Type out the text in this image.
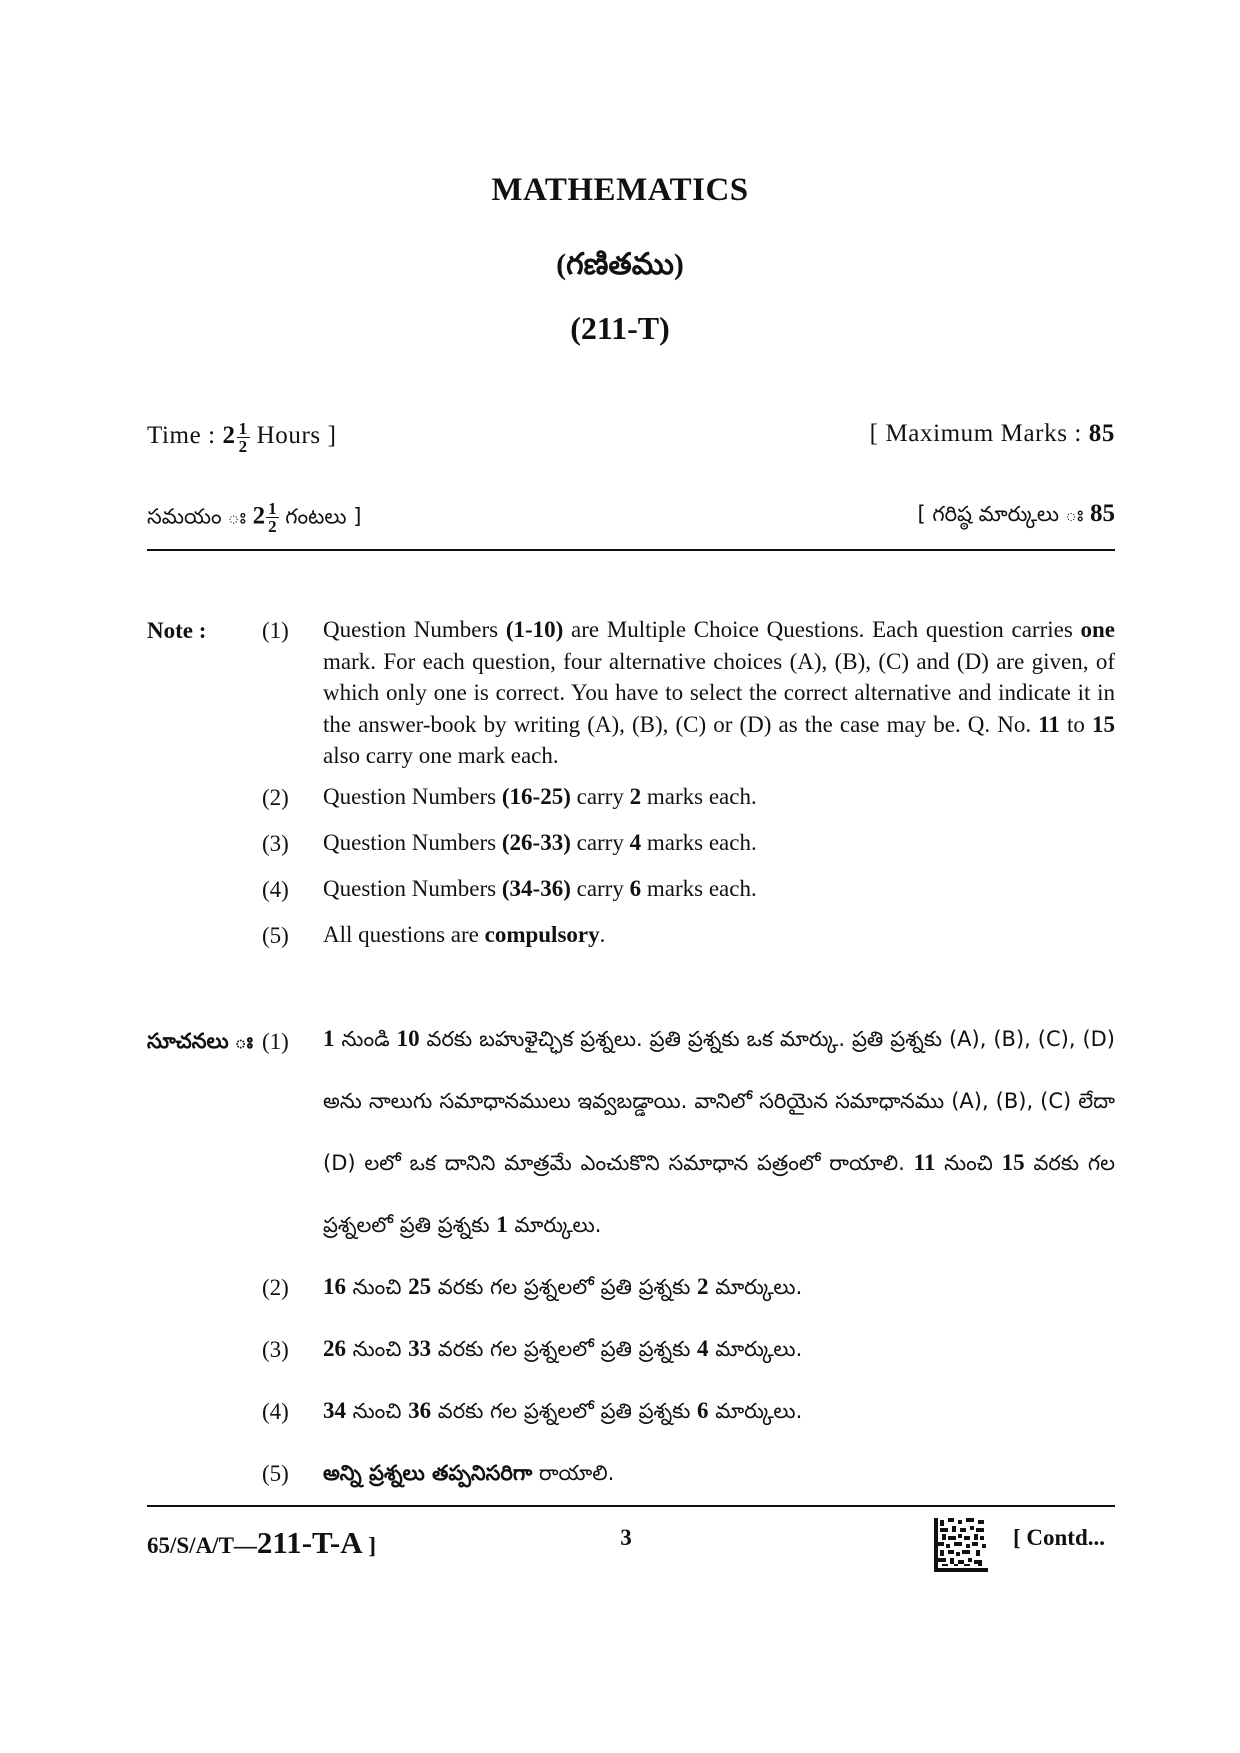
MATHEMATICS
(గణితము)
(211-T)
Time : $2 \frac{1}{2}$ Hours ]	[ Maximum Marks : 85
సమయం ః $2 \frac{1}{2}$ గంటలు ]	[ గరిష్ఠ మార్కులు ః 85
Note : (1) Question Numbers (1-10) are Multiple Choice Questions. Each question carries one mark. For each question, four alternative choices (A), (B), (C) and (D) are given, of which only one is correct. You have to select the correct alternative and indicate it in the answer-book by writing (A), (B), (C) or (D) as the case may be. Q. No. 11 to 15 also carry one mark each.
(2) Question Numbers (16-25) carry 2 marks each.
(3) Question Numbers (26-33) carry 4 marks each.
(4) Question Numbers (34-36) carry 6 marks each.
(5) All questions are compulsory.
సూచనలు ః (1) 1 నుండి 10 వరకు బహుళైచ్ఛిక ప్రశ్నలు. ప్రతి ప్రశ్నకు ఒక మార్కు. ప్రతి ప్రశ్నకు (A), (B), (C), (D) అను నాలుగు సమాధానములు ఇవ్వబడ్డాయి. వానిలో సరియైన సమాధానము (A), (B), (C) లేదా (D) లలో ఒక దానిని మాత్రమే ఎంచుకొని సమాధాన పత్రంలో రాయాలి. 11 నుంచి 15 వరకు గల ప్రశ్నలలో ప్రతి ప్రశ్నకు 1 మార్కులు.
(2) 16 నుంచి 25 వరకు గల ప్రశ్నలలో ప్రతి ప్రశ్నకు 2 మార్కులు.
(3) 26 నుంచి 33 వరకు గల ప్రశ్నలలో ప్రతి ప్రశ్నకు 4 మార్కులు.
(4) 34 నుంచి 36 వరకు గల ప్రశ్నలలో ప్రతి ప్రశ్నకు 6 మార్కులు.
(5) అన్ని ప్రశ్నలు తప్పనిసరిగా రాయాలి.
65/S/A/T—211-T-A ]	3	[ Contd...
